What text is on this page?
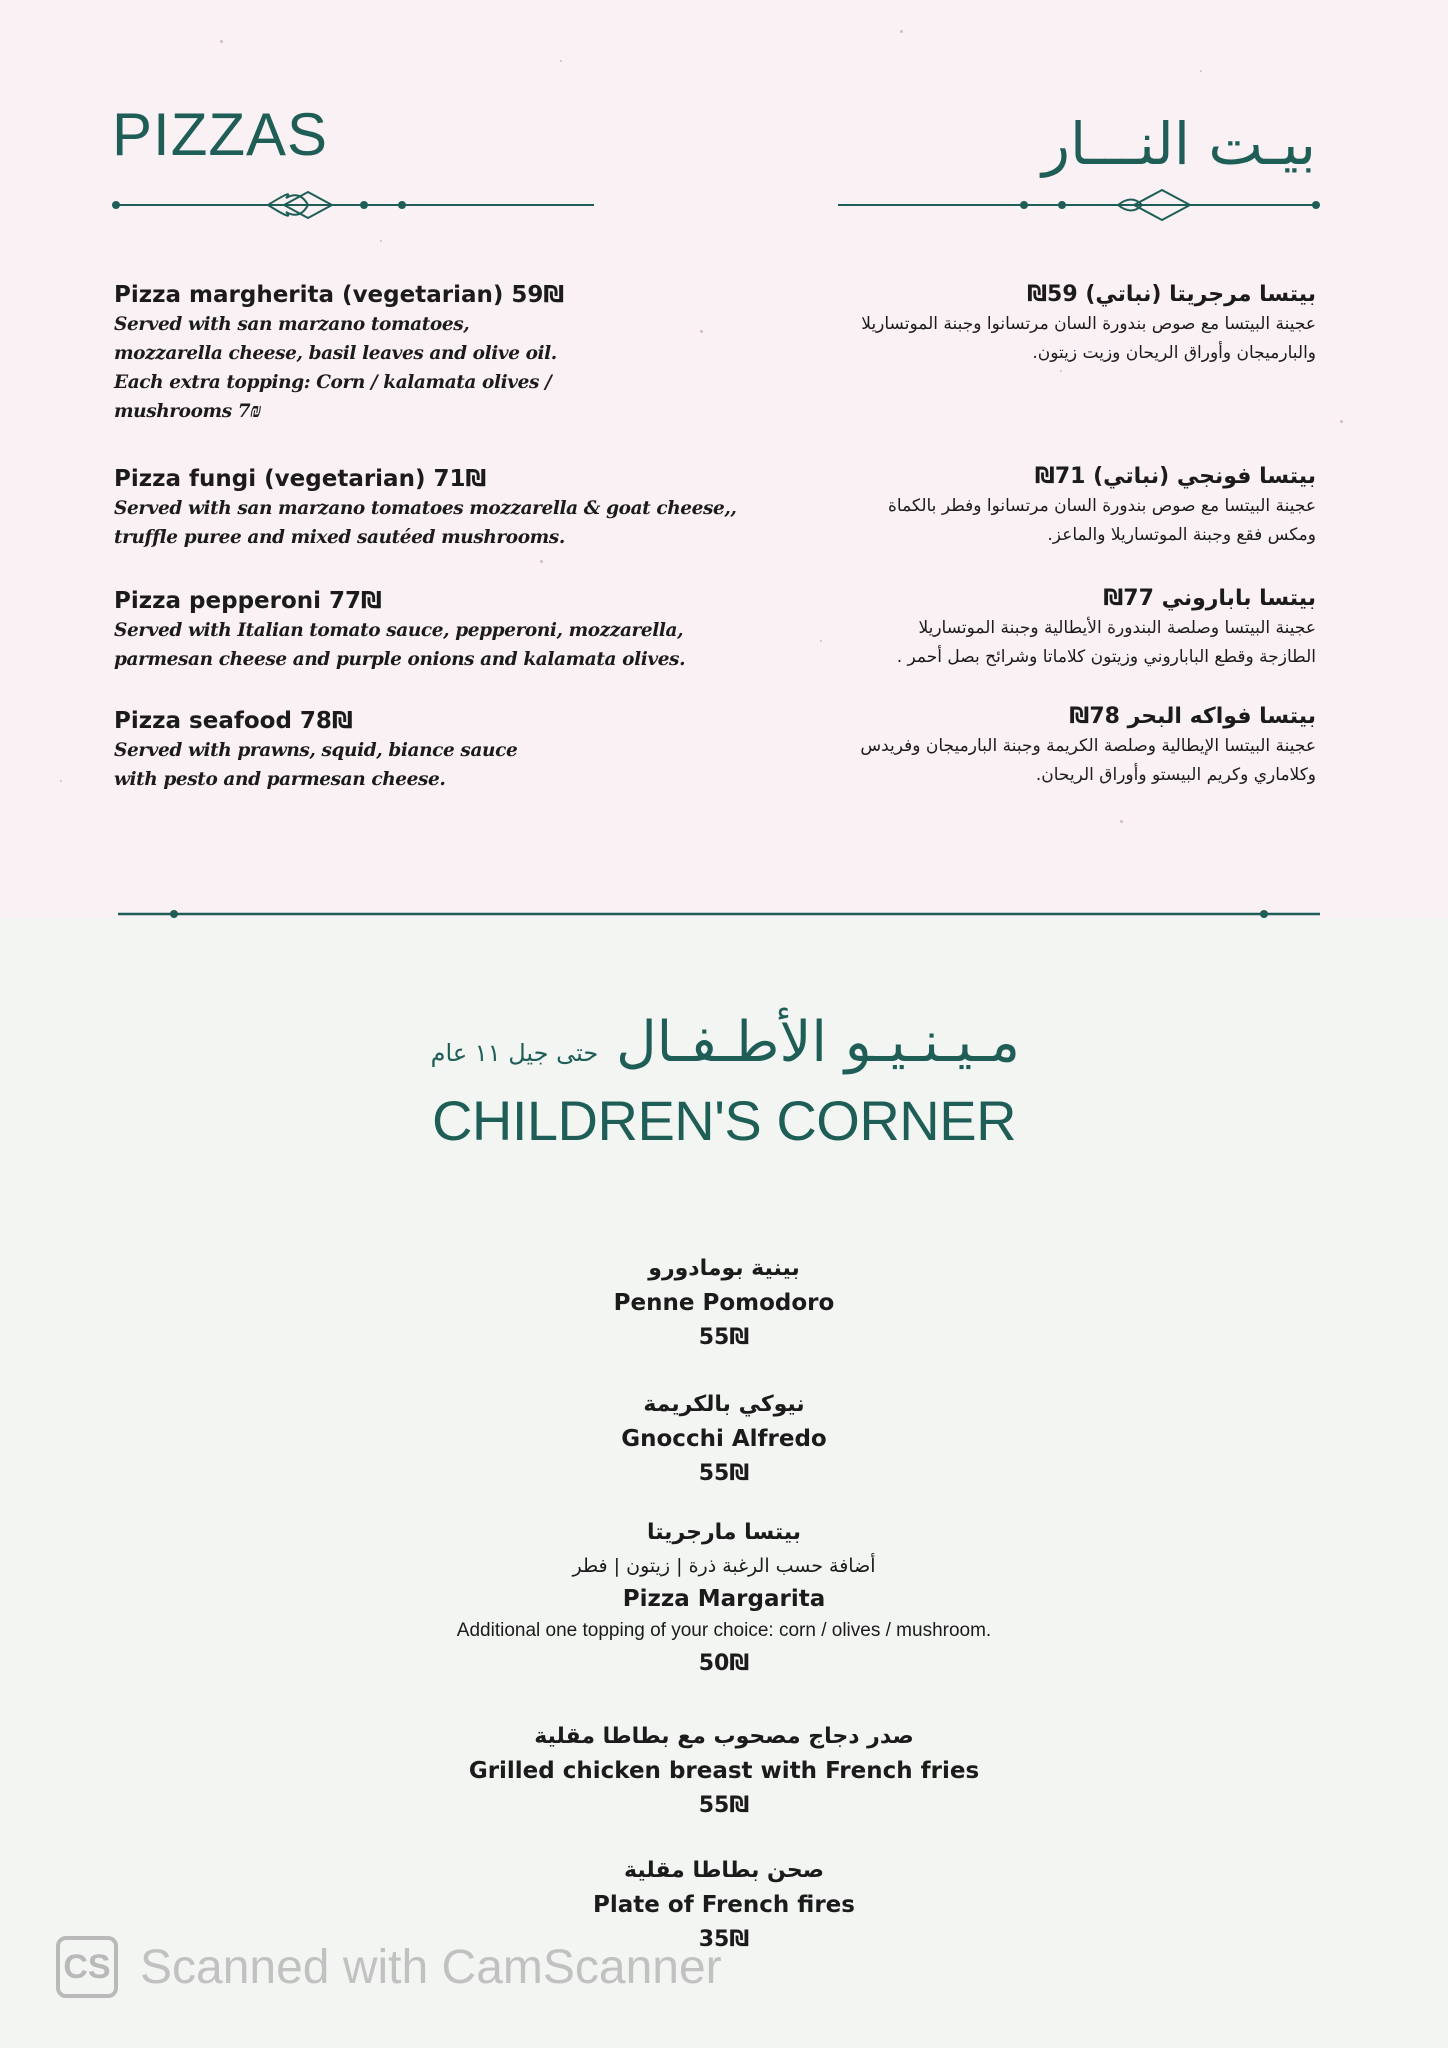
PIZZAS	بيـت النـــار
Pizza margherita (vegetarian) 59₪
Served with san marzano tomatoes,
mozzarella cheese, basil leaves and olive oil.
Each extra topping: Corn / kalamata olives /
mushrooms 7₪
Pizza fungi (vegetarian) 71₪
Served with san marzano tomatoes mozzarella & goat cheese,,
truffle puree and mixed sautéed mushrooms.
Pizza pepperoni 77₪
Served with Italian tomato sauce, pepperoni, mozzarella,
parmesan cheese and purple onions and kalamata olives.
Pizza seafood 78₪
Served with prawns, squid, biance sauce
with pesto and parmesan cheese.
بيتسا مرجريتا (نباتي) 59₪
عجينة البيتسا مع صوص بندورة السان مرتسانوا وجبنة الموتساريلا
والبارميجان وأوراق الريحان وزيت زيتون.
بيتسا فونجي (نباتي) 71₪
عجينة البيتسا مع صوص بندورة السان مرتسانوا وفطر بالكماة
ومكس فقع وجبنة الموتساريلا والماعز.
بيتسا باباروني 77₪
عجينة البيتسا وصلصة البندورة الأيطالية وجبنة الموتساريلا
الطازجة وقطع الباباروني وزيتون كلاماتا وشرائح بصل أحمر .
بيتسا فواكه البحر 78₪
عجينة البيتسا الإيطالية وصلصة الكريمة وجبنة البارميجان وفريدس
وكلاماري وكريم البيستو وأوراق الريحان.
مـيـنـيـو الأطـفـال حتى جيل ١١ عام
CHILDREN'S CORNER
بينية بومادورو
Penne Pomodoro
55₪
نيوكي بالكريمة
Gnocchi Alfredo
55₪
بيتسا مارجريتا
أضافة حسب الرغبة ذرة | زيتون | فطر
Pizza Margarita
Additional one topping of your choice: corn / olives / mushroom.
50₪
صدر دجاج مصحوب مع بطاطا مقلية
Grilled chicken breast with French fries
55₪
صحن بطاطا مقلية
Plate of French fires
35₪
CS Scanned with CamScanner
